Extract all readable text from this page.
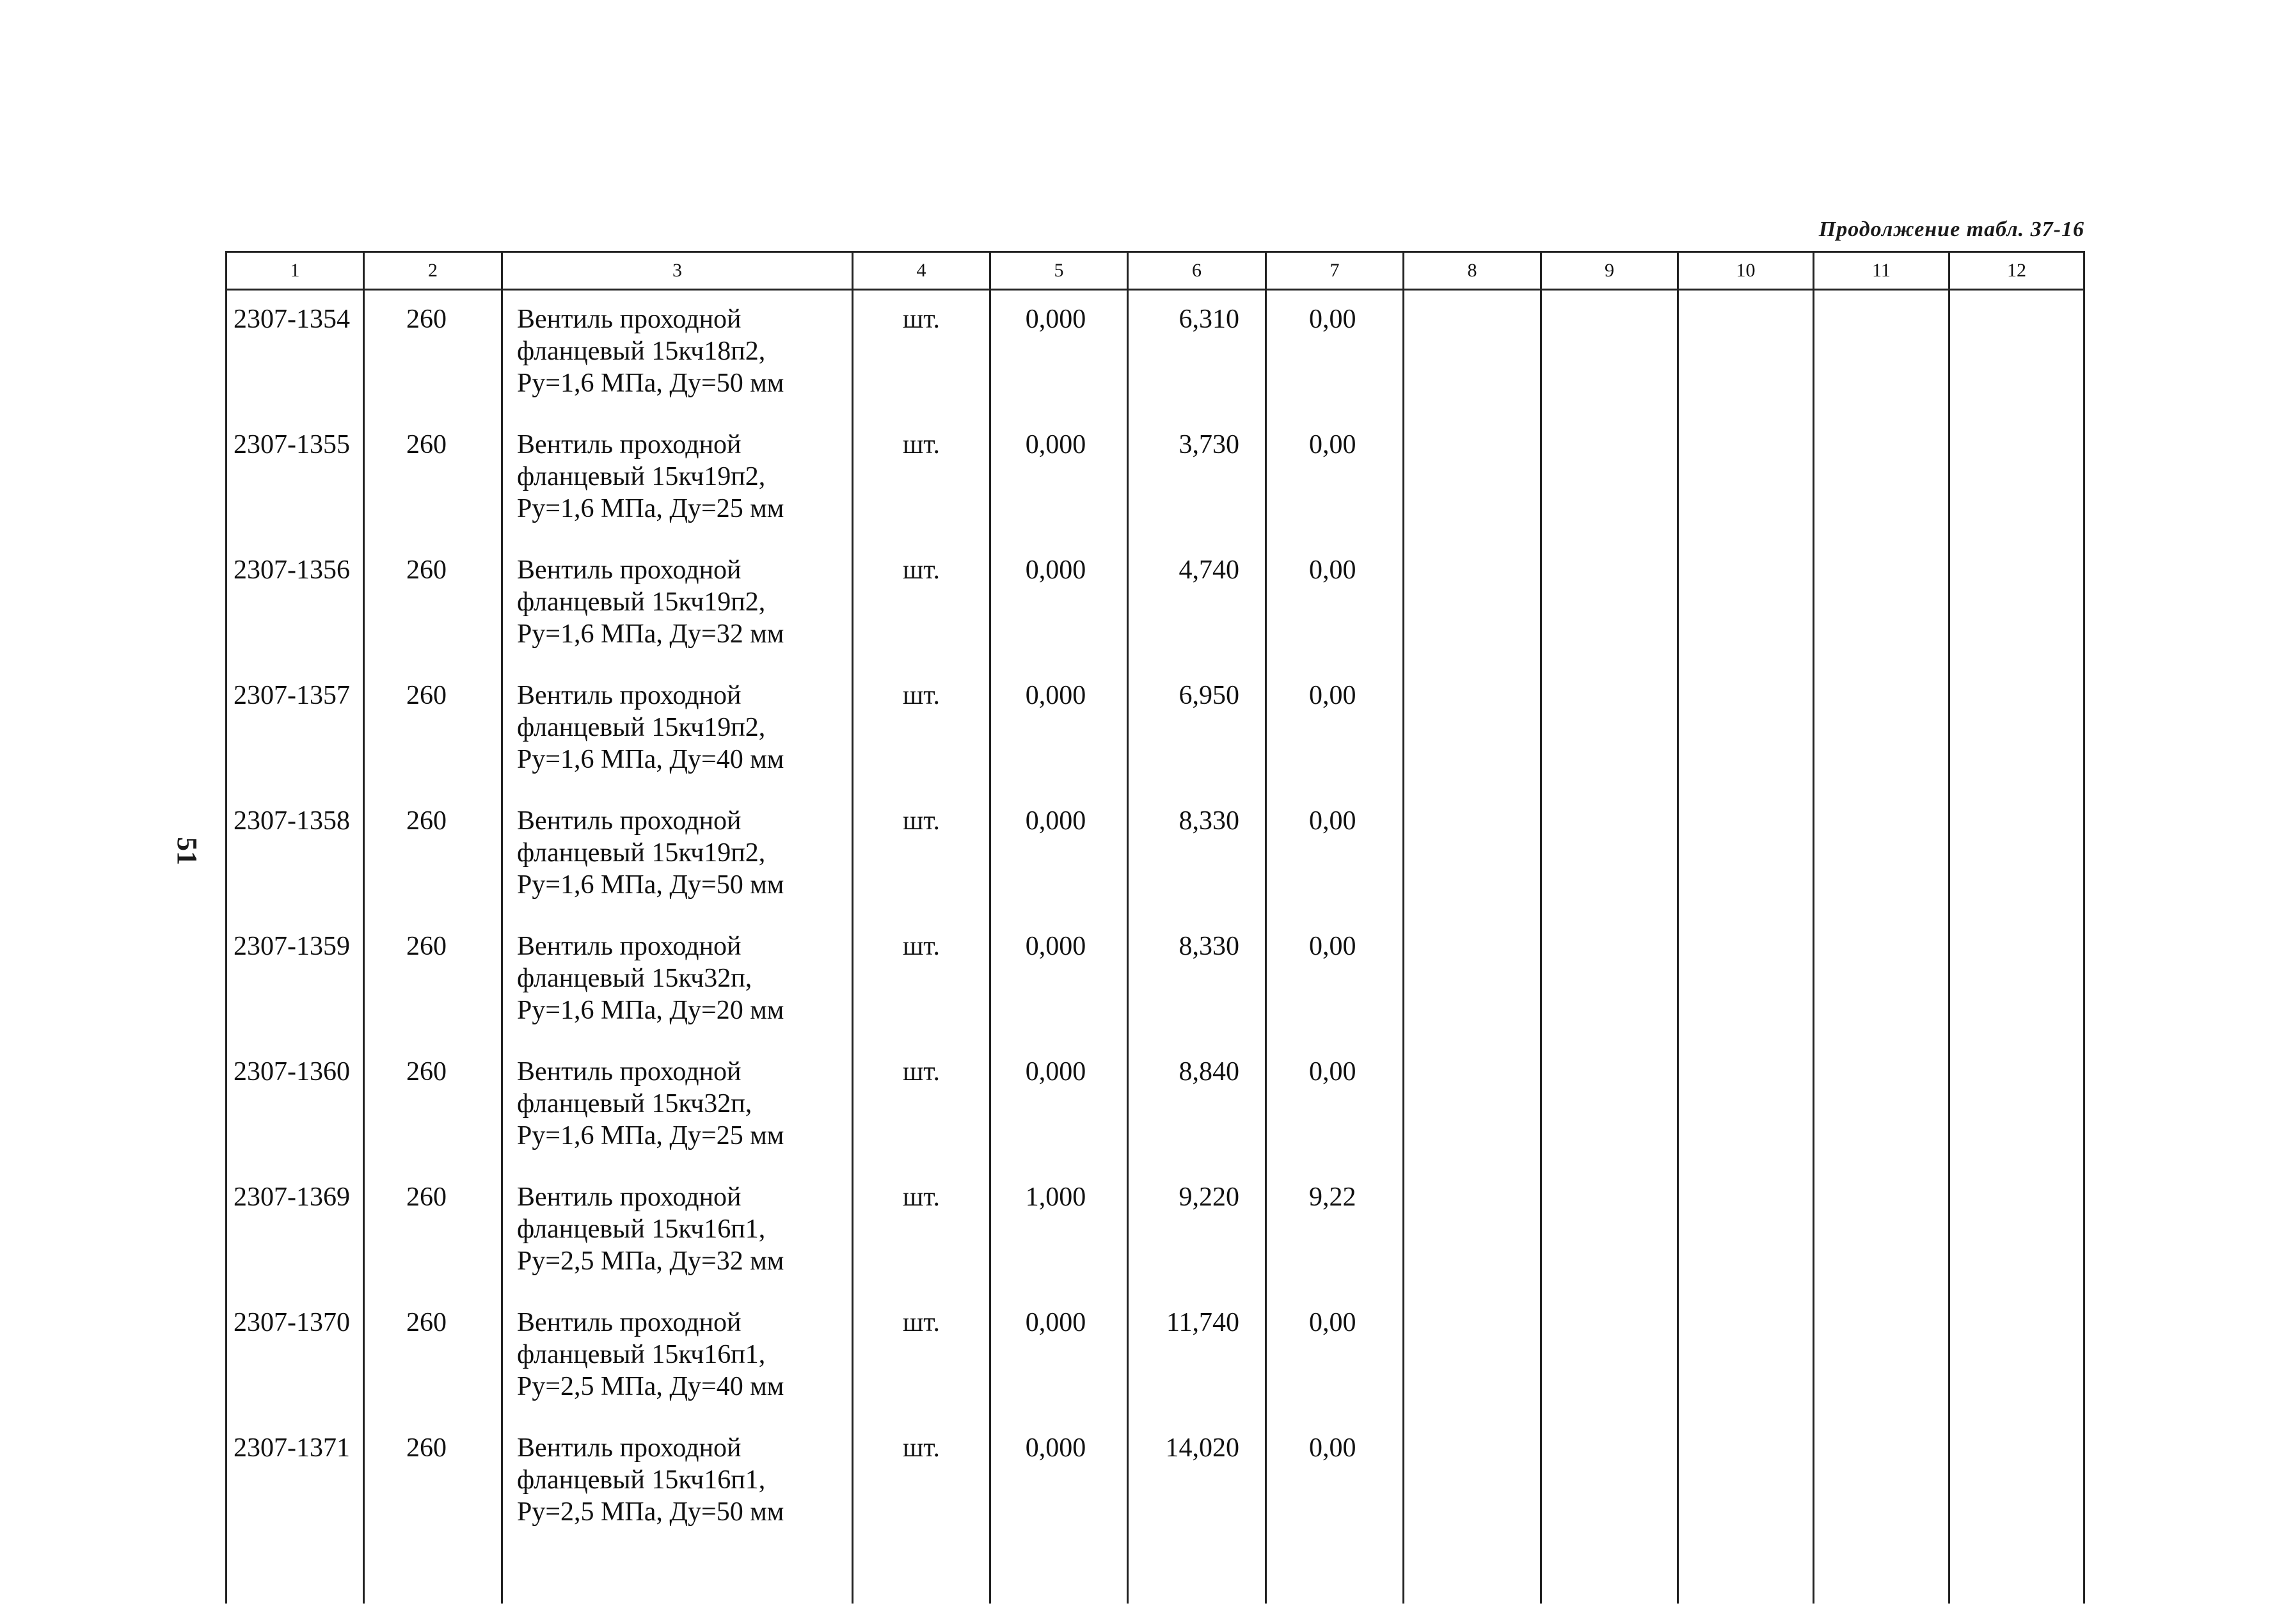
Продолжение табл. 37-16
51
1	2	3	4	5	6	7	8	9	10	11	12
2307-1354	260	Вентиль проходной
фланцевый 15кч18п2,
Pу=1,6 МПа, Ду=50 мм	шт.	0,000	6,310	0,00					
2307-1355	260	Вентиль проходной
фланцевый 15кч19п2,
Pу=1,6 МПа, Ду=25 мм	шт.	0,000	3,730	0,00					
2307-1356	260	Вентиль проходной
фланцевый 15кч19п2,
Pу=1,6 МПа, Ду=32 мм	шт.	0,000	4,740	0,00					
2307-1357	260	Вентиль проходной
фланцевый 15кч19п2,
Pу=1,6 МПа, Ду=40 мм	шт.	0,000	6,950	0,00					
2307-1358	260	Вентиль проходной
фланцевый 15кч19п2,
Pу=1,6 МПа, Ду=50 мм	шт.	0,000	8,330	0,00					
2307-1359	260	Вентиль проходной
фланцевый 15кч32п,
Pу=1,6 МПа, Ду=20 мм	шт.	0,000	8,330	0,00					
2307-1360	260	Вентиль проходной
фланцевый 15кч32п,
Pу=1,6 МПа, Ду=25 мм	шт.	0,000	8,840	0,00					
2307-1369	260	Вентиль проходной
фланцевый 15кч16п1,
Pу=2,5 МПа, Ду=32 мм	шт.	1,000	9,220	9,22					
2307-1370	260	Вентиль проходной
фланцевый 15кч16п1,
Pу=2,5 МПа, Ду=40 мм	шт.	0,000	11,740	0,00					
2307-1371	260	Вентиль проходной
фланцевый 15кч16п1,
Pу=2,5 МПа, Ду=50 мм	шт.	0,000	14,020	0,00					
